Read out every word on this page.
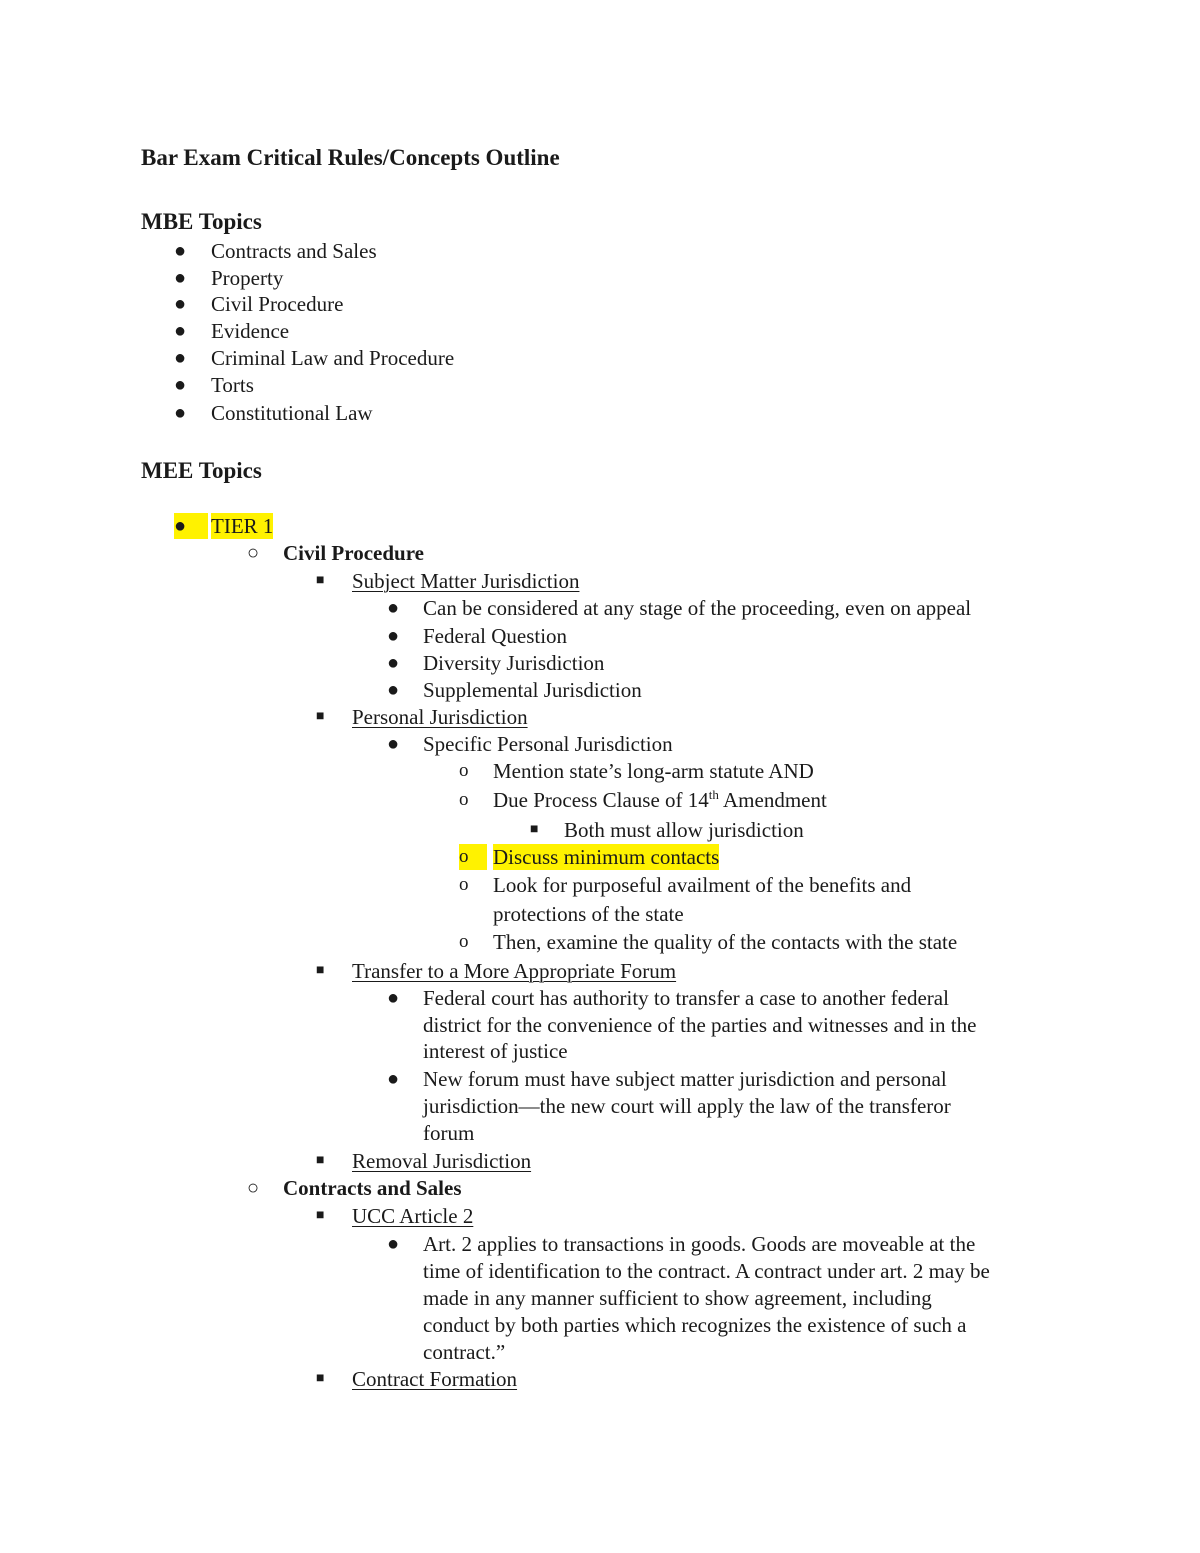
Bar Exam Critical Rules/Concepts Outline
MBE Topics
● Contracts and Sales
● Property
● Civil Procedure
● Evidence
● Criminal Law and Procedure
● Torts
● Constitutional Law
MEE Topics
●	TIER 1
○ Civil Procedure
■ Subject Matter Jurisdiction
● Can be considered at any stage of the proceeding, even on appeal
● Federal Question
● Diversity Jurisdiction
● Supplemental Jurisdiction
■ Personal Jurisdiction
● Specific Personal Jurisdiction
o Mention state’s long-arm statute AND
o Due Process Clause of 14th Amendment
■ Both must allow jurisdiction
o	Discuss minimum contacts
o Look for purposeful availment of the benefits and
protections of the state
o Then, examine the quality of the contacts with the state
■ Transfer to a More Appropriate Forum
● Federal court has authority to transfer a case to another federal
district for the convenience of the parties and witnesses and in the
interest of justice
● New forum must have subject matter jurisdiction and personal
jurisdiction—the new court will apply the law of the transferor
forum
■ Removal Jurisdiction
○ Contracts and Sales
■ UCC Article 2
● Art. 2 applies to transactions in goods. Goods are moveable at the
time of identification to the contract. A contract under art. 2 may be
made in any manner sufficient to show agreement, including
conduct by both parties which recognizes the existence of such a
contract.”
■ Contract Formation
